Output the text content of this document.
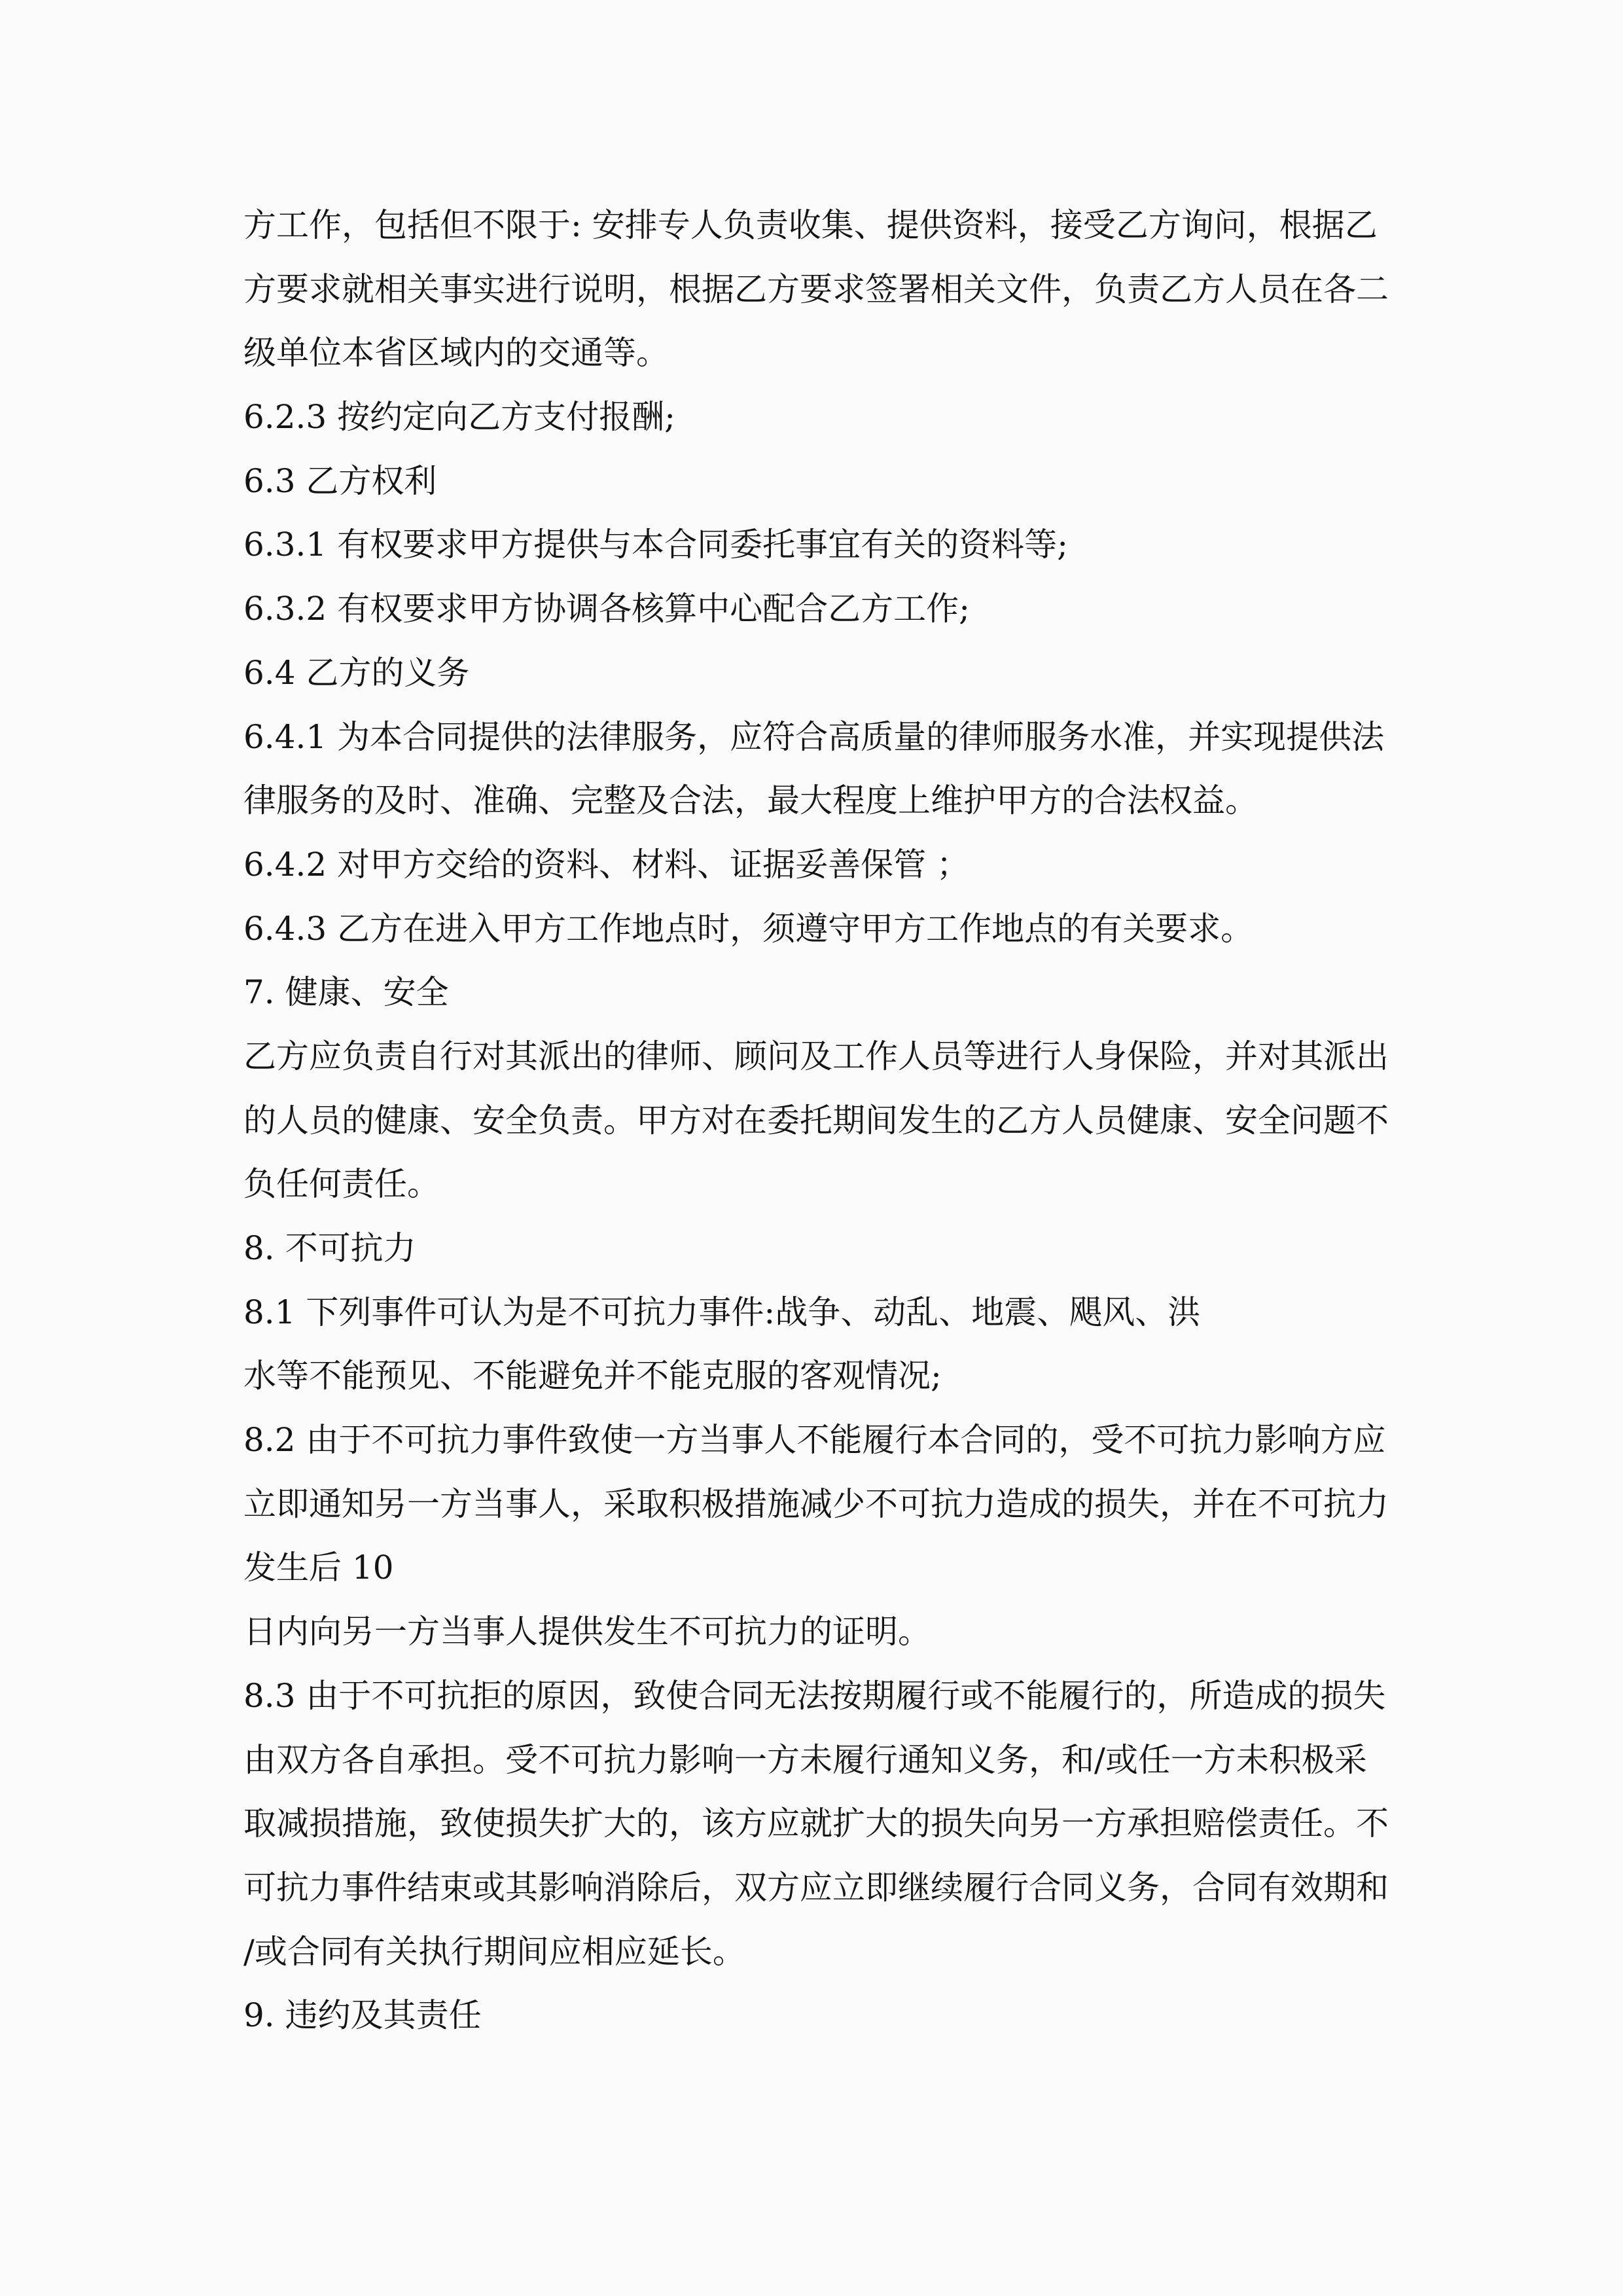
方工作，包括但不限于: 安排专人负责收集、提供资料，接受乙方询问，根据乙
方要求就相关事实进行说明，根据乙方要求签署相关文件，负责乙方人员在各二
级单位本省区域内的交通等。
6.2.3 按约定向乙方支付报酬;
6.3 乙方权利
6.3.1 有权要求甲方提供与本合同委托事宜有关的资料等;
6.3.2 有权要求甲方协调各核算中心配合乙方工作;
6.4 乙方的义务
6.4.1 为本合同提供的法律服务，应符合高质量的律师服务水准，并实现提供法
律服务的及时、准确、完整及合法，最大程度上维护甲方的合法权益。
6.4.2 对甲方交给的资料、材料、证据妥善保管 ；
6.4.3 乙方在进入甲方工作地点时，须遵守甲方工作地点的有关要求。
7. 健康、安全
乙方应负责自行对其派出的律师、顾问及工作人员等进行人身保险，并对其派出
的人员的健康、安全负责。甲方对在委托期间发生的乙方人员健康、安全问题不
负任何责任。
8. 不可抗力
8.1 下列事件可认为是不可抗力事件:战争、动乱、地震、飓风、洪
水等不能预见、不能避免并不能克服的客观情况;
8.2 由于不可抗力事件致使一方当事人不能履行本合同的，受不可抗力影响方应
立即通知另一方当事人，采取积极措施减少不可抗力造成的损失，并在不可抗力
发生后 10
日内向另一方当事人提供发生不可抗力的证明。
8.3 由于不可抗拒的原因，致使合同无法按期履行或不能履行的，所造成的损失
由双方各自承担。受不可抗力影响一方未履行通知义务，和/或任一方未积极采
取减损措施，致使损失扩大的，该方应就扩大的损失向另一方承担赔偿责任。不
可抗力事件结束或其影响消除后，双方应立即继续履行合同义务，合同有效期和
/或合同有关执行期间应相应延长。
9. 违约及其责任
